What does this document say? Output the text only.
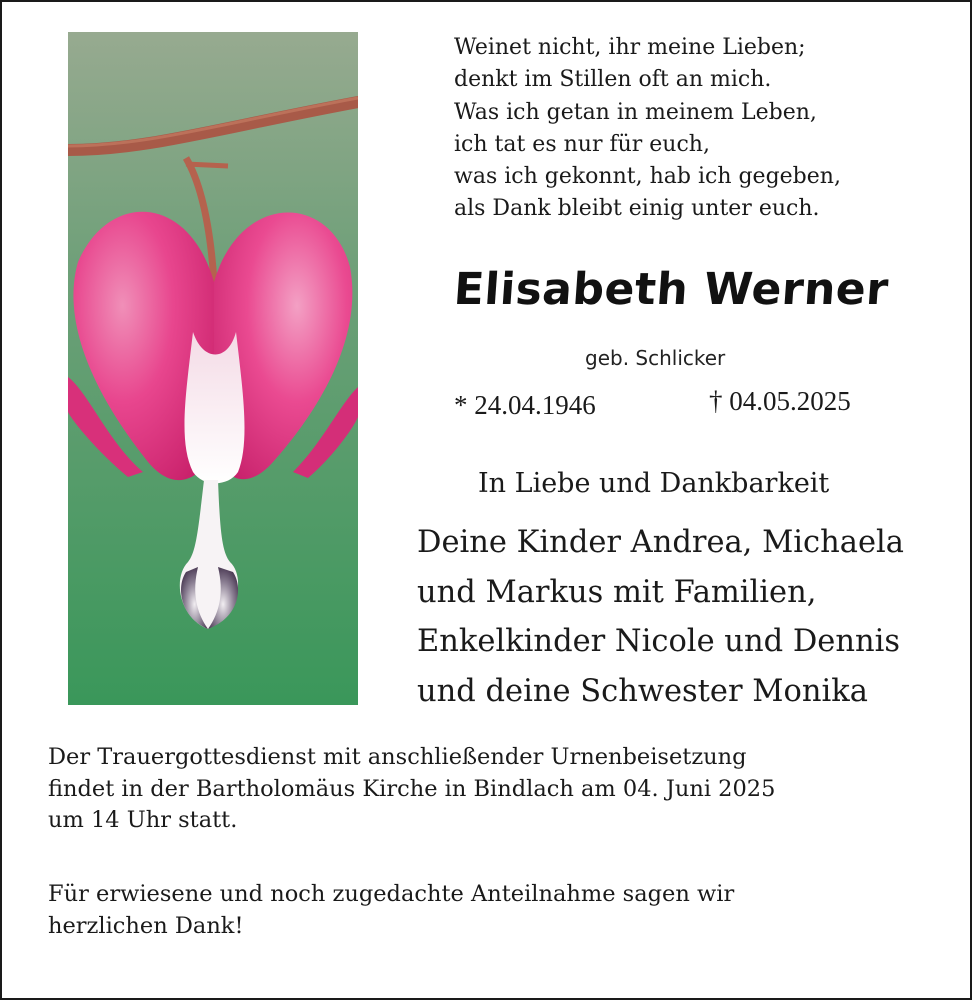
Weinet nicht, ihr meine Lieben;
denkt im Stillen oft an mich.
Was ich getan in meinem Leben,
ich tat es nur für euch,
was ich gekonnt, hab ich gegeben,
als Dank bleibt einig unter euch.
Elisabeth Werner
geb. Schlicker
* 24.04.1946	† 04.05.2025
In Liebe und Dankbarkeit
Deine Kinder Andrea, Michaela
und Markus mit Familien,
Enkelkinder Nicole und Dennis
und deine Schwester Monika
Der Trauergottesdienst mit anschließender Urnenbeisetzung
findet in der Bartholomäus Kirche in Bindlach am 04. Juni 2025
um 14 Uhr statt.
Für erwiesene und noch zugedachte Anteilnahme sagen wir
herzlichen Dank!
